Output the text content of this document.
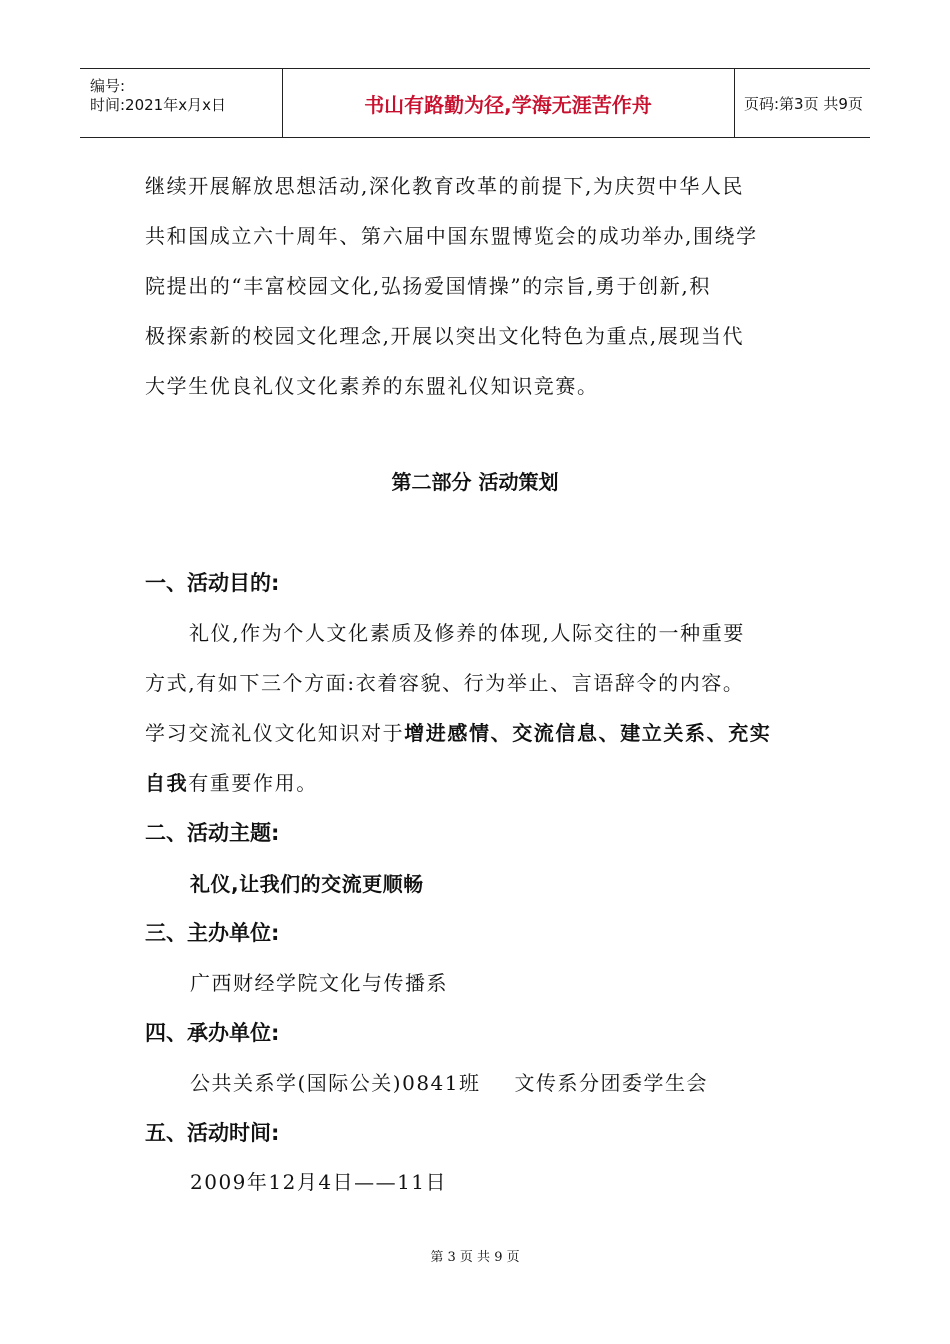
编号:
时间:2021年x月x日	书山有路勤为径,学海无涯苦作舟	页码:第3页 共9页
继续开展解放思想活动,深化教育改革的前提下,为庆贺中华人民
共和国成立六十周年、第六届中国东盟博览会的成功举办,围绕学
院提出的“丰富校园文化,弘扬爱国情操”的宗旨,勇于创新,积
极探索新的校园文化理念,开展以突出文化特色为重点,展现当代
大学生优良礼仪文化素养的东盟礼仪知识竞赛。
第二部分 活动策划
一、活动目的:
礼仪,作为个人文化素质及修养的体现,人际交往的一种重要
方式,有如下三个方面:衣着容貌、行为举止、言语辞令的内容。
学习交流礼仪文化知识对于增进感情、交流信息、建立关系、充实
自我有重要作用。
二、活动主题:
礼仪,让我们的交流更顺畅
三、主办单位:
广西财经学院文化与传播系
四、承办单位:
公共关系学(国际公关)0841班 文传系分团委学生会
五、活动时间:
2009年12月4日——11日
第 3 页 共 9 页
